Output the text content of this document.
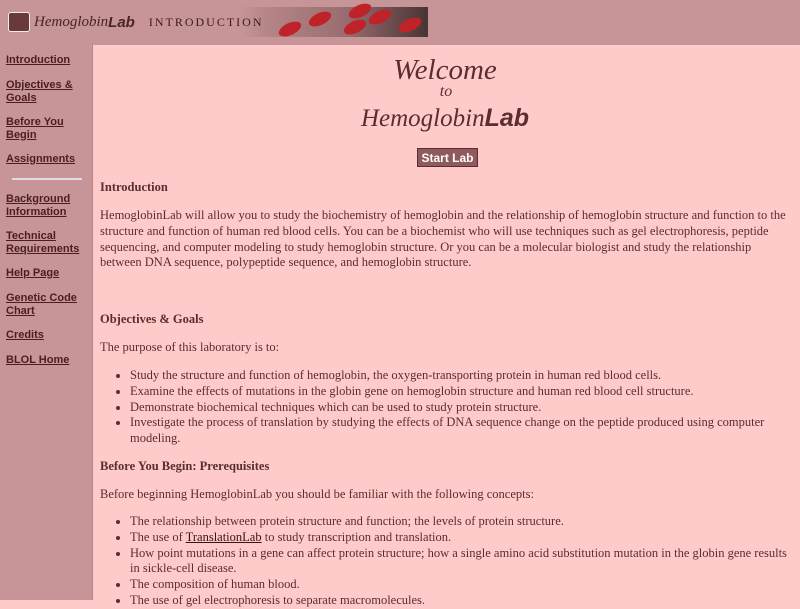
Hemoglobin Lab INTRODUCTION
Introduction
Objectives & Goals
Before You Begin
Assignments
Background Information
Technical Requirements
Help Page
Genetic Code Chart
Credits
BLOL Home
Welcome
to
HemoglobinLab
Start Lab
Introduction

HemoglobinLab will allow you to study the biochemistry of hemoglobin and the relationship of hemoglobin structure and function to the structure and function of human red blood cells. You can be a biochemist who will use techniques such as gel electrophoresis, peptide sequencing, and computer modeling to study hemoglobin structure. Or you can be a molecular biologist and study the relationship between DNA sequence, polypeptide sequence, and hemoglobin structure.

Objectives & Goals

The purpose of this laboratory is to:

• Study the structure and function of hemoglobin, the oxygen-transporting protein in human red blood cells.
• Examine the effects of mutations in the globin gene on hemoglobin structure and human red blood cell structure.
• Demonstrate biochemical techniques which can be used to study protein structure.
• Investigate the process of translation by studying the effects of DNA sequence change on the peptide produced using computer modeling.
Before You Begin: Prerequisites

Before beginning HemoglobinLab you should be familiar with the following concepts:

• The relationship between protein structure and function; the levels of protein structure.
• The use of TranslationLab to study transcription and translation.
• How point mutations in a gene can affect protein structure; how a single amino acid substitution mutation in the globin gene results in sickle-cell disease.
• The composition of human blood.
• The use of gel electrophoresis to separate macromolecules.
